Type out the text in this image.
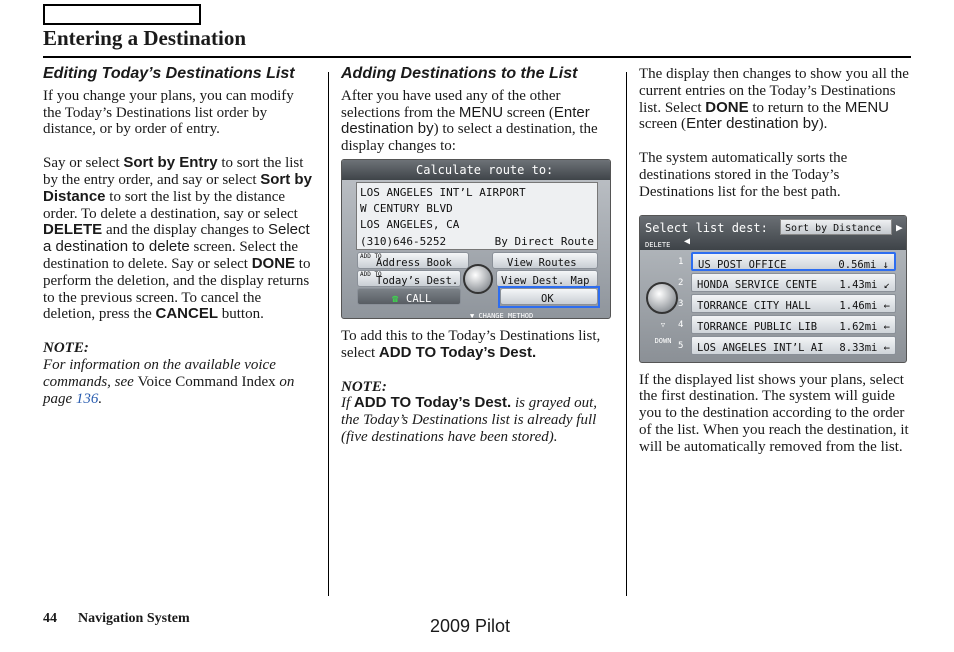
Entering a Destination
Editing Today’s Destinations List

If you change your plans, you can modify the Today’s Destinations list order by distance, or by order of entry.

Say or select Sort by Entry to sort the list by the entry order, and say or select Sort by Distance to sort the list by the distance order. To delete a destination, say or select DELETE and the display changes to Select a destination to delete screen. Select the destination to delete. Say or select DONE to perform the deletion, and the display returns to the previous screen. To cancel the deletion, press the CANCEL button.

NOTE:

For information on the available voice commands, see Voice Command Index on page 136.

Adding Destinations to the List

After you have used any of the other selections from the MENU screen (Enter destination by) to select a destination, the display changes to:

Calculate route to:
LOS ANGELES INT’L AIRPORT
W CENTURY BLVD
LOS ANGELES, CA
(310)646-5252	By Direct Route
ADD TO
Address Book	View Routes
ADD TO
Today’s Dest.	View Dest. Map
☎ CALL	OK
▼ CHANGE METHOD

To add this to the Today’s Destinations list, select ADD TO Today’s Dest.

NOTE:

If ADD TO Today’s Dest. is grayed out, the Today’s Destinations list is already full (five destinations have been stored).

The display then changes to show you all the current entries on the Today’s Destinations list. Select DONE to return to the MENU screen (Enter destination by).

The system automatically sorts the destinations stored in the Today’s Destinations list for the best path.

Select list dest:	Sort by Distance	▶
DELETE ◀
1 US POST OFFICE	0.56mi ↓
2 HONDA SERVICE CENTE 1.43mi ↙
3 TORRANCE CITY HALL	1.46mi ←
4 TORRANCE PUBLIC LIB 1.62mi ←
5 LOS ANGELES INT’L AI 8.33mi ←
▽
DOWN

If the displayed list shows your plans, select the first destination. The system will guide you to the destination according to the order of the list. When you reach the destination, it will be automatically removed from the list.

44 Navigation System	2009 Pilot
